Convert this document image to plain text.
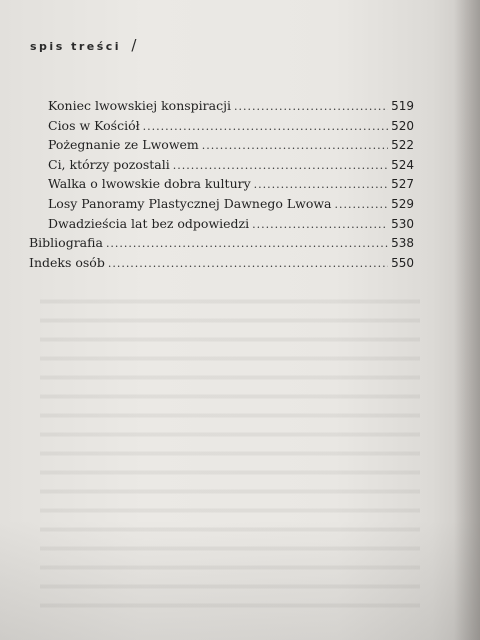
spis treści /
Koniec lwowskiej konspiracji .....	519
Cios w Kościół .....	520
Pożegnanie ze Lwowem .....	522
Ci, którzy pozostali .....	524
Walka o lwowskie dobra kultury .....	527
Losy Panoramy Plastycznej Dawnego Lwowa .....	529
Dwadzieścia lat bez odpowiedzi .....	530
Bibliografia .....	538
Indeks osób .....	550
